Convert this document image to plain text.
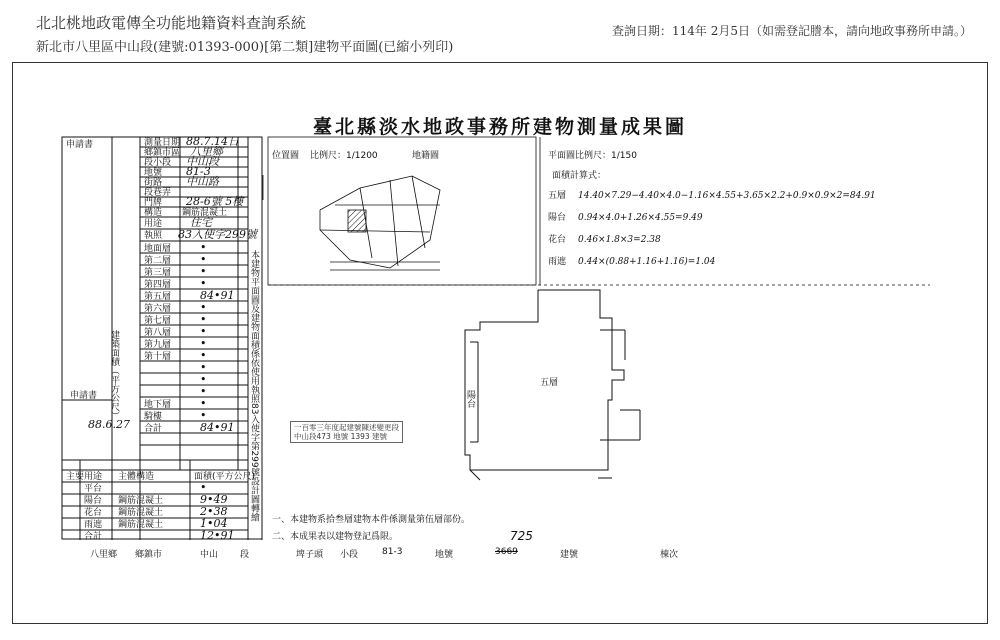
北北桃地政電傳全功能地籍資料查詢系統
新北市八里區中山段(建號:01393-000)[第二類]建物平面圖(已縮小列印)
查詢日期：114年 2月5日（如需登記謄本，請向地政事務所申請。）
臺北縣淡水地政事務所建物測量成果圖
測量日期 88.7.14日
鄉鎮市區 八里鄉
段小段 中山段
地號 81-3
街路 中山路
段巷弄
門牌 28-6號 5樓
構造 鋼筋混凝土
用途	住宅
執照 83入使字299號
申請書
申請書
88.6.27
建築面積（平方公尺）
主要用途 主體構造	面積(平方公尺)
地面層	•
第二層	•
第三層	•
第四層	•
第五層	84•91
第六層	•
第七層	•
第八層	•
第九層	•
第十層	•
•
•
•
地下層	•
騎樓	•
合計	84•91
平台	•
陽台 鋼筋混凝土	9•49
花台 鋼筋混凝土	2•38
雨遮 鋼筋混凝土	1•04
合計	12•91
本建物平面圖及建物面積係依使用執照83入使字第299號設計圖轉繪
位置圖 比例尺：1/1200	地籍圖	平面圖比例尺：1/150
面積計算式：
五層 14.40×7.29−4.40×4.0−1.16×4.55+3.65×2.2+0.9×0.9×2=84.91
陽台 0.94×4.0+1.26×4.55=9.49
花台 0.46×1.8×3=2.38
雨遮 0.44×(0.88+1.16+1.16)=1.04
五層
陽台
一百零三年度起建號陳述變更段
中山段473 地號 1393 建號
一、本建物系拾叁層建物本件係測量第伍層部份。
二、本成果表以建物登記爲限。
八里鄉 鄉鎮市	中山 段	埤子頭 小段	81-3	地號	3669
725
建號	棟次
